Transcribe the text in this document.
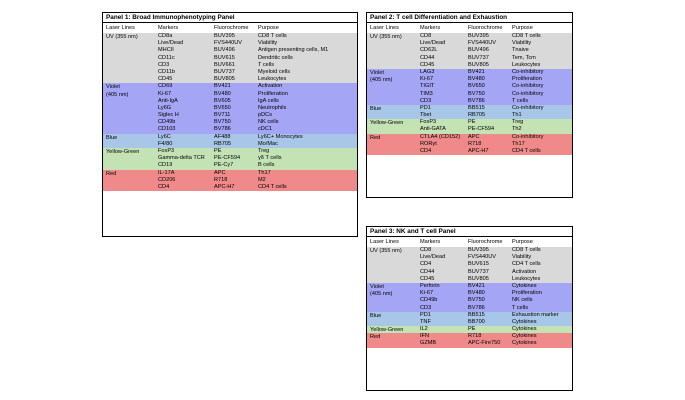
Panel 1: Broad Immunophenotyping Panel
Laser Lines	Markers	Fluorochrome	Purpose
UV (355 nm)	CD8a	BUV395	CD8 T cells
Live/Dead	FVS440UV	Viability
MHCII	BUV496	Antigen presenting cells, M1
CD11c	BUV615	Dendritic cells
CD3	BUV661	T cells
CD11b	BUV737	Myeloid cells
CD45	BUV805	Leukocytes
Violet
(405 nm)
CD69	BV421	Activation
Ki-67	BV480	Proliferation
Anti-IgA	BV605	IgA cells
Ly6G	BV650	Neutrophils
Siglec H	BV711	pDCs
CD49b	BV750	NK cells
CD103	BV786	cDC1
Blue	Ly6C	AF488	Ly6C+ Monocytes
F4/80	RB705	Mo/Mac
Yellow-Green	FoxP3	PE	Treg
Gamma-delta TCR	PE-CF594	γδ T cells
CD19	PE-Cy7	B cells
Red	IL-17A	APC	Th17
CD206	R718	M2
CD4	APC-H7	CD4 T cells
Panel 2: T cell Differentiation and Exhaustion
Laser Lines	Markers	Fluorochrome	Purpose
UV (355 nm)	CD8	BUV395	CD8 T cells
Live/Dead	FVS440UV	Viability
CD62L	BUV496	Tnaive
CD44	BUV737	Tem, Tcm
CD45	BUV805	Leukocytes
Violet
(405 nm)
LAG3	BV421	Co-inhibitory
Ki-67	BV480	Proliferation
TIGIT	BV650	Co-inhibitory
TIM3	BV750	Co-inhibitory
CD3	BV786	T cells
Blue	PD1	BB515	Co-inhibitory
Tbet	RB705	Th1
Yellow-Green	FoxP3	PE	Treg
Anti-GATA	PE-CF594	Th2
Red	CTLA4 (CD152)	APC	Co-inhibitory
RORγt	R718	Th17
CD4	APC-H7	CD4 T cells
Panel 3: NK and T cell Panel
Laser Lines	Markers	Fluorochrome	Purpose
UV (355 nm)	CD8	BUV395	CD8 T cells
Live/Dead	FVS440UV	Viability
CD4	BUV615	CD4 T cells
CD44	BUV737	Activation
CD45	BUV805	Leukocytes
Violet
(405 nm)
Perforin	BV421	Cytokines
Ki-67	BV480	Proliferation
CD49b	BV750	NK cells
CD3	BV786	T cells
Blue	PD1	BB515	Exhaustion marker
TNF	BB700	Cytokines
Yellow-Green	IL2	PE	Cytokines
Red	IFN	R718	Cytokines
GZMB	APC-Fire750	Cytokines
